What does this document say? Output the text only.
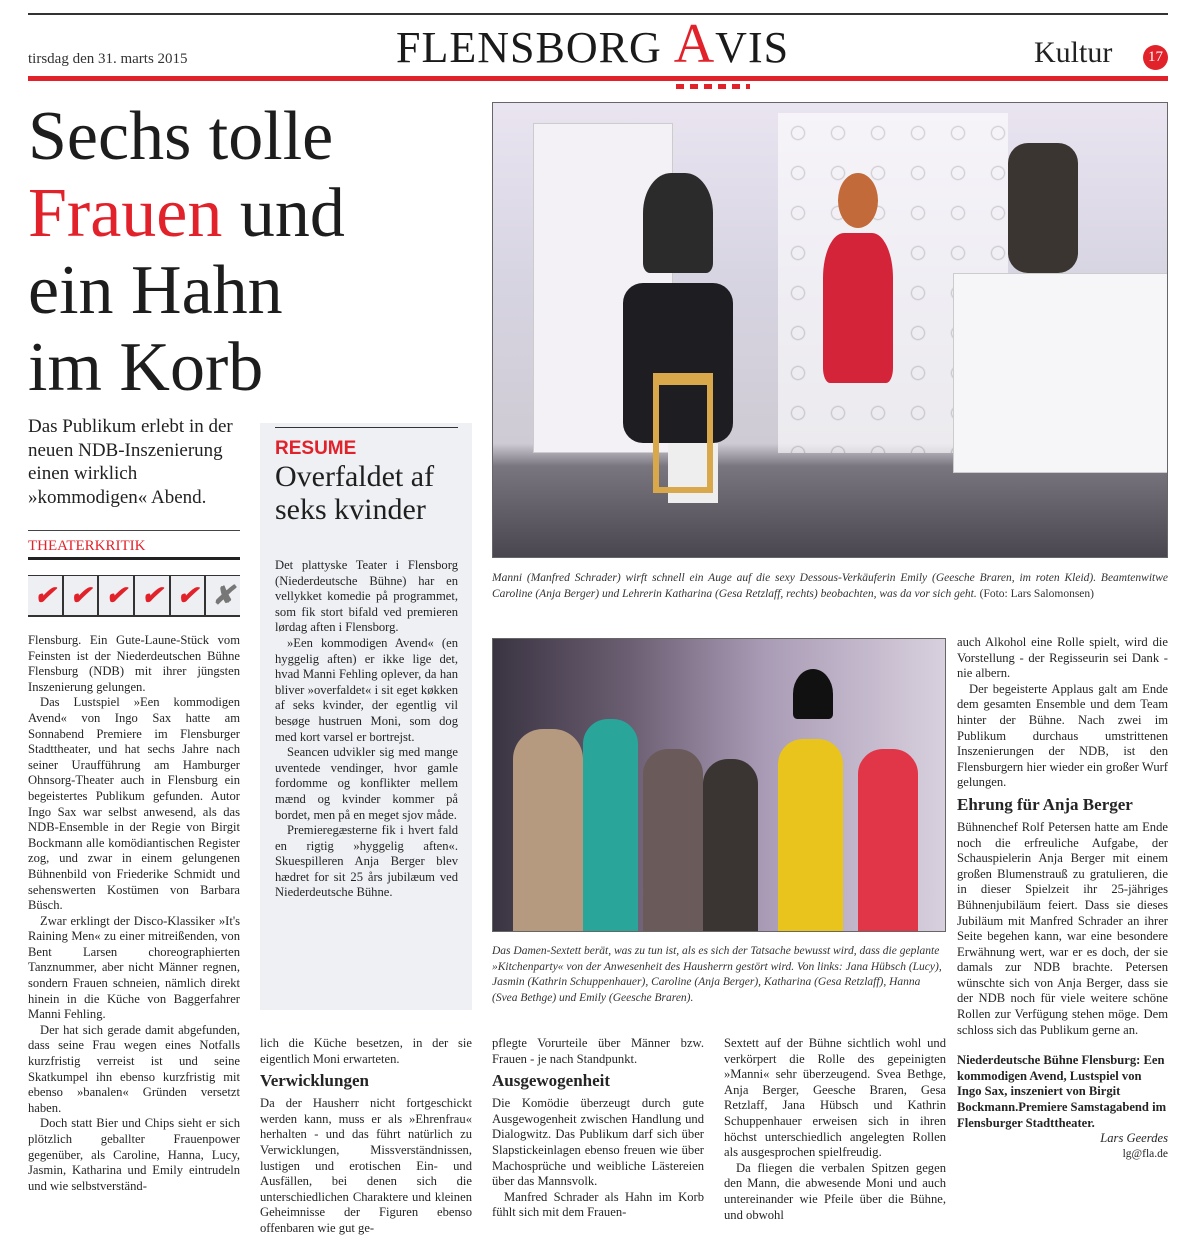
tirsdag den 31. marts 2015	FLENSBORG AVIS	Kultur	17
Sechs tolle
Frauen und
ein Hahn
im Korb
Manni (Manfred Schrader) wirft schnell ein Auge auf die sexy Dessous-Verkäuferin Emily (Geesche Braren, im roten Kleid). Beamtenwitwe Caroline (Anja Berger) und Lehrerin Katharina (Gesa Retzlaff, rechts) beobachten, was da vor sich geht. (Foto: Lars Salomonsen)
Das Publikum erlebt in der neuen NDB-Inszenierung einen wirklich »kommodigen« Abend.
THEATERKRITIK
✔ ✔ ✔ ✔ ✔ ✘

Flensburg. Ein Gute-Laune-Stück vom Feinsten ist der Niederdeutschen Bühne Flensburg (NDB) mit ihrer jüngsten Inszenierung gelungen.

Das Lustspiel »Een kommodigen Avend« von Ingo Sax hatte am Sonnabend Premiere im Flensburger Stadttheater, und hat sechs Jahre nach seiner Uraufführung am Hamburger Ohnsorg-Theater auch in Flensburg ein begeistertes Publikum gefunden. Autor Ingo Sax war selbst anwesend, als das NDB-Ensemble in der Regie von Birgit Bockmann alle komödiantischen Register zog, und zwar in einem gelungenen Bühnenbild von Friederike Schmidt und sehenswerten Kostümen von Barbara Büsch.

Zwar erklingt der Disco-Klassiker »It's Raining Men« zu einer mitreißenden, von Bent Larsen choreographierten Tanznummer, aber nicht Männer regnen, sondern Frauen schneien, nämlich direkt hinein in die Küche von Baggerfahrer Manni Fehling.

Der hat sich gerade damit abgefunden, dass seine Frau wegen eines Notfalls kurzfristig verreist ist und seine Skatkumpel ihn ebenso kurzfristig mit ebenso »banalen« Gründen versetzt haben.

Doch statt Bier und Chips sieht er sich plötzlich geballter Frauenpower gegenüber, als Caroline, Hanna, Lucy, Jasmin, Katharina und Emily eintrudeln und wie selbstverständ-

RESUME
Overfaldet af seks kvinder

Det plattyske Teater i Flensborg (Niederdeutsche Bühne) har en vellykket komedie på programmet, som fik stort bifald ved premieren lørdag aften i Flensborg.

»Een kommodigen Avend« (en hyggelig aften) er ikke lige det, hvad Manni Fehling oplever, da han bliver »overfaldet« i sit eget køkken af seks kvinder, der egentlig vil besøge hustruen Moni, som dog med kort varsel er bortrejst.

Seancen udvikler sig med mange uventede vendinger, hvor gamle fordomme og konflikter mellem mænd og kvinder kommer på bordet, men på en meget sjov måde.

Premieregæsterne fik i hvert fald en rigtig »hyggelig aften«. Skuespilleren Anja Berger blev hædret for sit 25 års jubilæum ved Niederdeutsche Bühne.

Das Damen-Sextett berät, was zu tun ist, als es sich der Tatsache bewusst wird, dass die geplante »Kitchenparty« von der Anwesenheit des Hausherrn gestört wird. Von links: Jana Hübsch (Lucy), Jasmin (Kathrin Schuppenhauer), Caroline (Anja Berger), Katharina (Gesa Retzlaff), Hanna (Svea Bethge) und Emily (Geesche Braren).

lich die Küche besetzen, in der sie eigentlich Moni erwarteten.

Verwicklungen

Da der Hausherr nicht fortgeschickt werden kann, muss er als »Ehrenfrau« herhalten - und das führt natürlich zu Verwicklungen, Missverständnissen, lustigen und erotischen Ein- und Ausfällen, bei denen sich die unterschiedlichen Charaktere und kleinen Geheimnisse der Figuren ebenso offenbaren wie gut ge-

pflegte Vorurteile über Männer bzw. Frauen - je nach Standpunkt.

Ausgewogenheit

Die Komödie überzeugt durch gute Ausgewogenheit zwischen Handlung und Dialogwitz. Das Publikum darf sich über Slapstickeinlagen ebenso freuen wie über Machosprüche und weibliche Lästereien über das Mannsvolk.

Manfred Schrader als Hahn im Korb fühlt sich mit dem Frauen-

Sextett auf der Bühne sichtlich wohl und verkörpert die Rolle des gepeinigten »Manni« sehr überzeugend. Svea Bethge, Anja Berger, Geesche Braren, Gesa Retzlaff, Jana Hübsch und Kathrin Schuppenhauer erweisen sich in ihren höchst unterschiedlich angelegten Rollen als ausgesprochen spielfreudig.

Da fliegen die verbalen Spitzen gegen den Mann, die abwesende Moni und auch untereinander wie Pfeile über die Bühne, und obwohl

auch Alkohol eine Rolle spielt, wird die Vorstellung - der Regisseurin sei Dank - nie albern.

Der begeisterte Applaus galt am Ende dem gesamten Ensemble und dem Team hinter der Bühne. Nach zwei im Publikum durchaus umstrittenen Inszenierungen der NDB, ist den Flensburgern hier wieder ein großer Wurf gelungen.

Ehrung für Anja Berger

Bühnenchef Rolf Petersen hatte am Ende noch die erfreuliche Aufgabe, der Schauspielerin Anja Berger mit einem großen Blumenstrauß zu gratulieren, die in dieser Spielzeit ihr 25-jähriges Bühnenjubiläum feiert. Dass sie dieses Jubiläum mit Manfred Schrader an ihrer Seite begehen kann, war eine besondere Erwähnung wert, war er es doch, der sie damals zur NDB brachte. Petersen wünschte sich von Anja Berger, dass sie der NDB noch für viele weitere schöne Rollen zur Verfügung stehen möge. Dem schloss sich das Publikum gerne an.

Niederdeutsche Bühne Flensburg: Een kommodigen Avend, Lustspiel von Ingo Sax, inszeniert von Birgit Bockmann.Premiere Samstagabend im Flensburger Stadttheater.

Lars Geerdes

lg@fla.de
